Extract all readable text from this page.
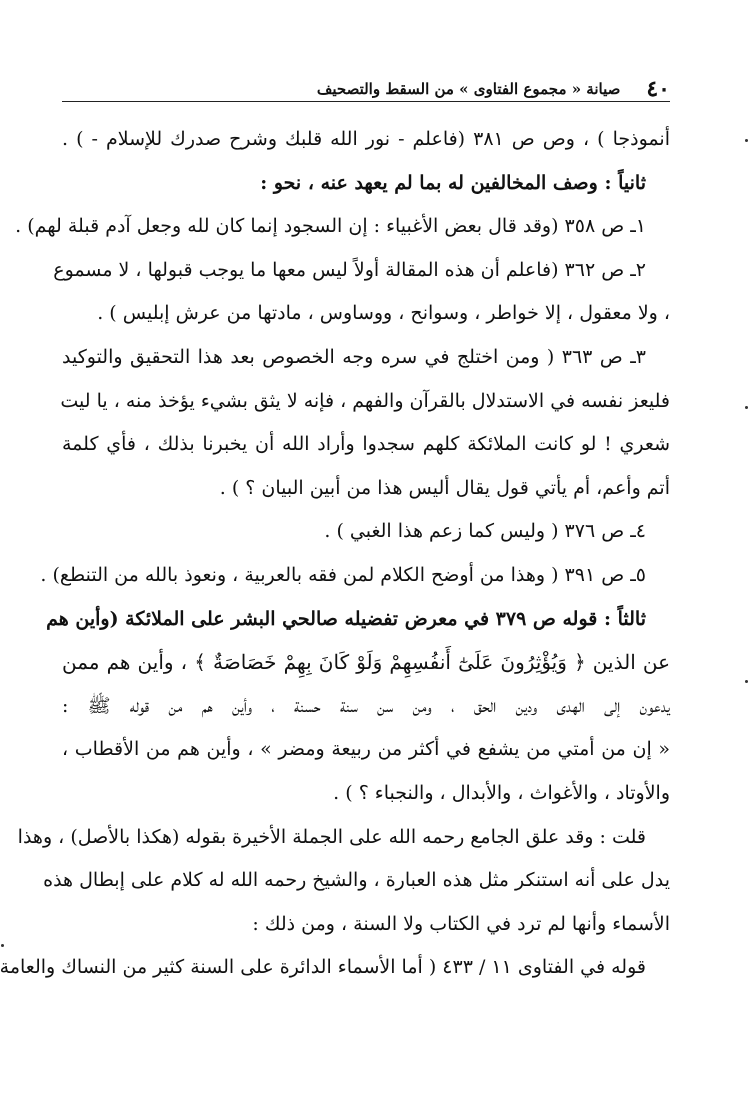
٤٠
صيانة « مجموع الفتاوى » من السقط والتصحيف
أنموذجا ) ، وص ص ٣٨١ (فاعلم - نور الله قلبك وشرح صدرك للإسلام - ) .
ثانياً : وصف المخالفين له بما لم يعهد عنه ، نحو :
١ـ ص ٣٥٨ (وقد قال بعض الأغبياء : إن السجود إنما كان لله وجعل آدم قبلة لهم) .
٢ـ ص ٣٦٢ (فاعلم أن هذه المقالة أولاً ليس معها ما يوجب قبولها ، لا مسموع
، ولا معقول ، إلا خواطر ، وسوانح ، ووساوس ، مادتها من عرش إبليس ) .
٣ـ ص ٣٦٣ ( ومن اختلج في سره وجه الخصوص بعد هذا التحقيق والتوكيد
فليعز نفسه في الاستدلال بالقرآن والفهم ، فإنه لا يثق بشيء يؤخذ منه ، يا ليت
شعري ! لو كانت الملائكة كلهم سجدوا وأراد الله أن يخبرنا بذلك ، فأي كلمة
أتم وأعم، أم يأتي قول يقال أليس هذا من أبين البيان ؟ ) .
٤ـ ص ٣٧٦ ( وليس كما زعم هذا الغبي ) .
٥ـ ص ٣٩١ ( وهذا من أوضح الكلام لمن فقه بالعربية ، ونعوذ بالله من التنطع) .
ثالثاً : قوله ص ٣٧٩ في معرض تفضيله صالحي البشر على الملائكة (وأين هم
عن الذين ﴿ وَيُؤْثِرُونَ عَلَىٰٓ أَنفُسِهِمْ وَلَوْ كَانَ بِهِمْ خَصَاصَةٌ ﴾ ، وأين هم ممن
يدعون إلى الهدى ودين الحق ، ومن سن سنة حسنة ، وأين هم من قوله ﷺ :
« إن من أمتي من يشفع في أكثر من ربيعة ومضر » ، وأين هم من الأقطاب ،
والأوتاد ، والأغواث ، والأبدال ، والنجباء ؟ ) .
قلت : وقد علق الجامع رحمه الله على الجملة الأخيرة بقوله (هكذا بالأصل) ، وهذا
يدل على أنه استنكر مثل هذه العبارة ، والشيخ رحمه الله له كلام على إبطال هذه
الأسماء وأنها لم ترد في الكتاب ولا السنة ، ومن ذلك :
قوله في الفتاوى ١١ / ٤٣٣ ( أما الأسماء الدائرة على السنة كثير من النساك والعامة
